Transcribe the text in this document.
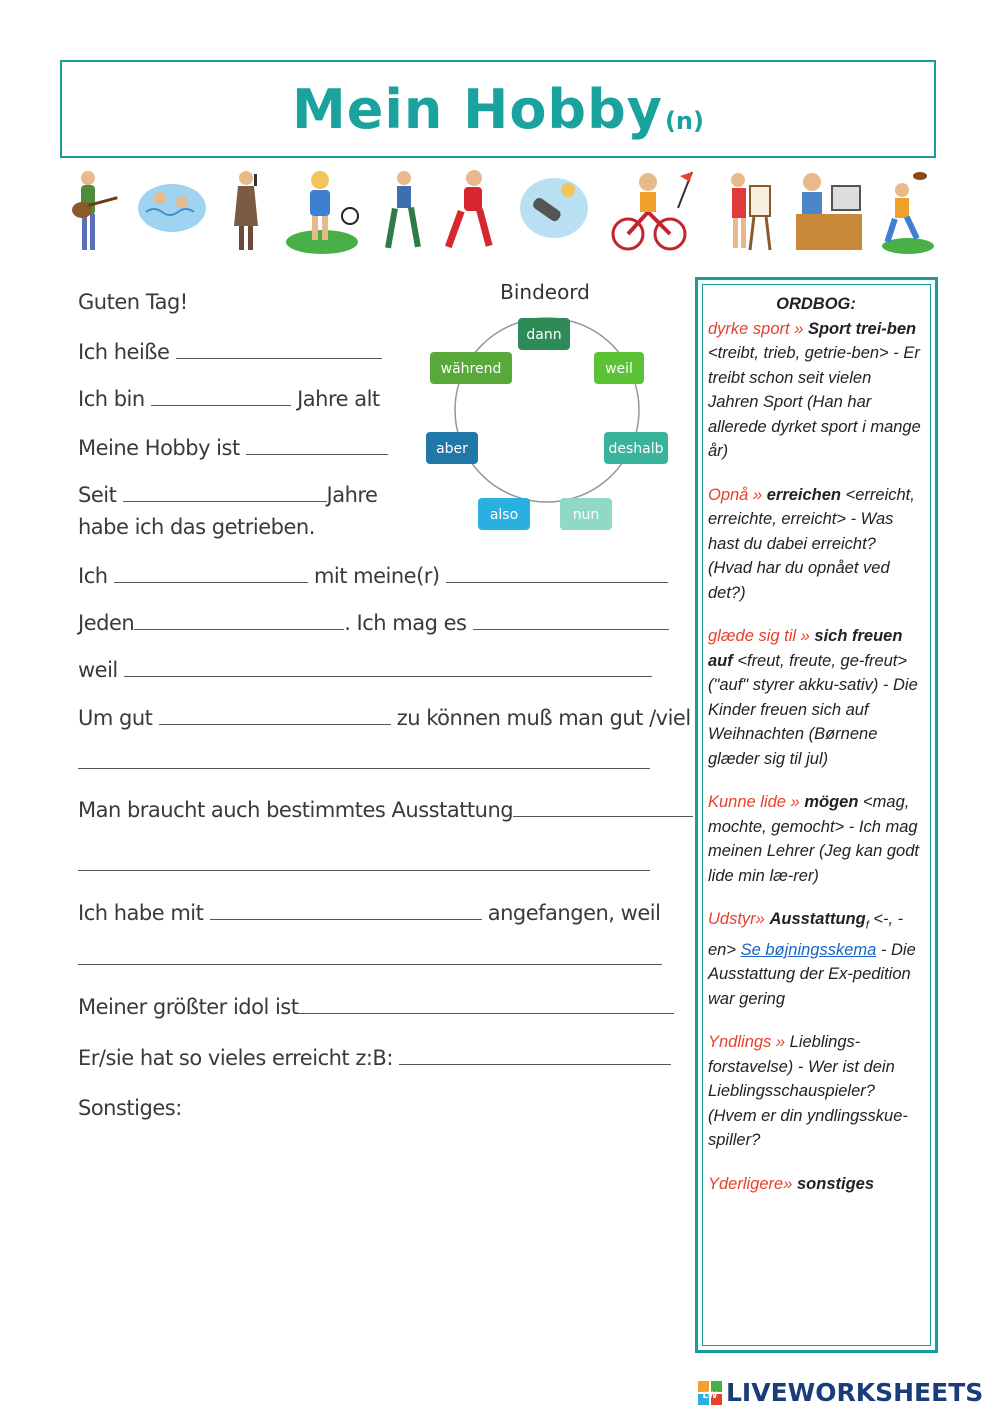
Mein Hobby (n)
Guten Tag!
Ich heiße
Ich bin	Jahre alt
Meine Hobby ist
Seit	Jahre
habe ich das getrieben.
Ich	mit meine(r)
Jeden	. Ich mag es
weil
Um gut	zu können muß man gut /viel
Man braucht auch bestimmtes Ausstattung
Ich habe mit	angefangen, weil
Meiner größter idol ist
Er/sie hat so vieles erreicht z:B:
Sonstiges:
Bindeord
dann
weil
deshalb
nun
also
aber
während
ORDBOG:
dyrke sport » Sport trei-ben <treibt, trieb, getrie-ben> - Er treibt schon seit vielen Jahren Sport (Han har allerede dyrket sport i mange år)
Opnå » erreichen <erreicht, erreichte, erreicht> - Was hast du dabei erreicht? (Hvad har du opnået ved det?)
glæde sig til » sich freuen auf <freut, freute, ge-freut> ("auf" styrer akku-sativ) - Die Kinder freuen sich auf Weihnachten (Børnene glæder sig til jul)
Kunne lide » mögen <mag, mochte, gemocht> - Ich mag meinen Lehrer (Jeg kan godt lide min læ-rer)
Udstyr» Ausstattung$_f$ <-, -en> Se bøjningsskema - Die Ausstattung der Ex-pedition war gering
Yndlings » Lieblings- forstavelse) - Wer ist dein Lieblingsschauspieler? (Hvem er din yndlingsskue-spiller?
Yderligere» sonstiges
LW LIVEWORKSHEETS
